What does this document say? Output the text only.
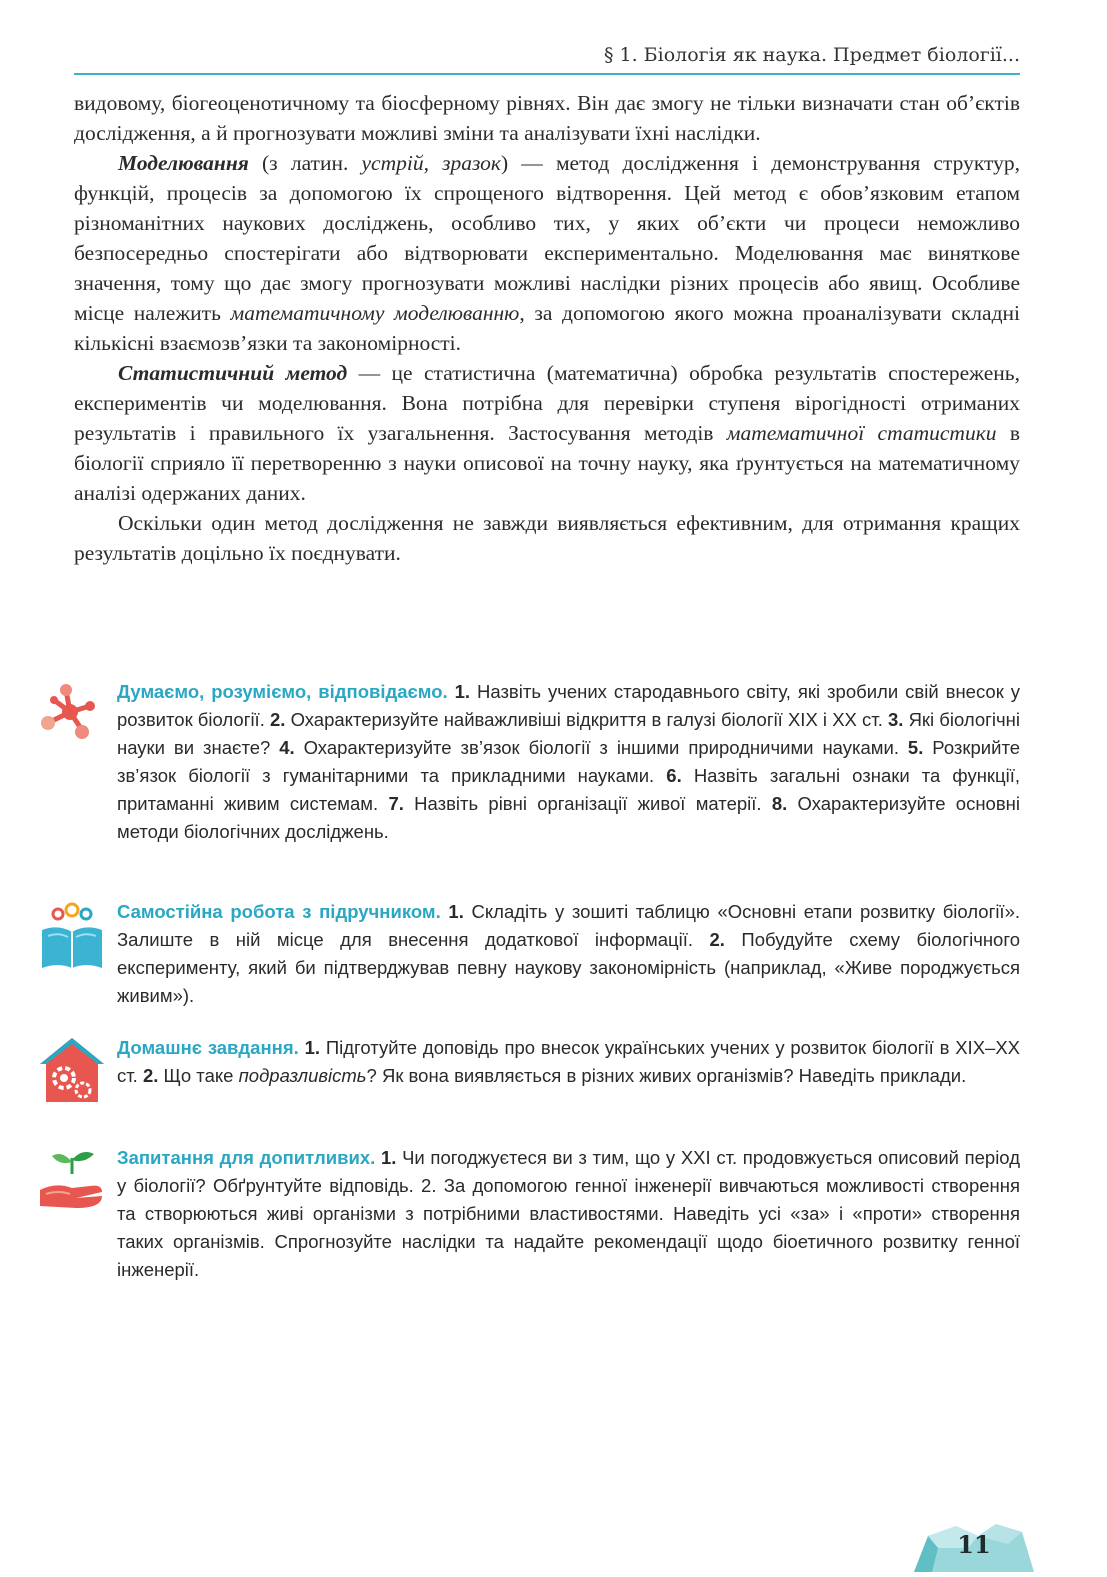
§ 1. Біологія як наука. Предмет біології...

видовому, біогеоценотичному та біосферному рівнях. Він дає змогу не тільки визначати стан об’єктів дослідження, а й прогнозувати можливі зміни та аналізувати їхні наслідки.

Моделювання (з латин. устрій, зразок) — метод дослідження і демонстрування структур, функцій, процесів за допомогою їх спрощеного відтворення. Цей метод є обов’язковим етапом різноманітних наукових досліджень, особливо тих, у яких об’єкти чи процеси неможливо безпосередньо спостерігати або відтворювати експериментально. Моделювання має виняткове значення, тому що дає змогу прогнозувати можливі наслідки різних процесів або явищ. Особливе місце належить математичному моделюванню, за допомогою якого можна проаналізувати складні кількісні взаємозв’язки та закономірності.

Статистичний метод — це статистична (математична) обробка результатів спостережень, експериментів чи моделювання. Вона потрібна для перевірки ступеня вірогідності отриманих результатів і правильного їх узагальнення. Застосування методів математичної статистики в біології сприяло її перетворенню з науки описової на точну науку, яка ґрунтується на математичному аналізі одержаних даних.

Оскільки один метод дослідження не завжди виявляється ефективним, для отримання кращих результатів доцільно їх поєднувати.

Думаємо, розуміємо, відповідаємо. 1. Назвіть учених стародавнього світу, які зробили свій внесок у розвиток біології. 2. Охарактеризуйте найважливіші відкриття в галузі біології XIX і XX ст. 3. Які біологічні науки ви знаєте? 4. Охарактеризуйте зв’язок біології з іншими природничими науками. 5. Розкрийте зв’язок біології з гуманітарними та прикладними науками. 6. Назвіть загальні ознаки та функції, притаманні живим системам. 7. Назвіть рівні організації живої матерії. 8. Охарактеризуйте основні методи біологічних досліджень.
Самостійна робота з підручником. 1. Складіть у зошиті таблицю «Основні етапи розвитку біології». Залиште в ній місце для внесення додаткової інформації. 2. Побудуйте схему біологічного експерименту, який би підтверджував певну наукову закономірність (наприклад, «Живе породжується живим»).
Домашнє завдання. 1. Підготуйте доповідь про внесок українських учених у розвиток біології в XIX–XX ст. 2. Що таке подразливість? Як вона виявляється в різних живих організмів? Наведіть приклади.
Запитання для допитливих. 1. Чи погоджуєтеся ви з тим, що у XXI ст. продовжується описовий період у біології? Обґрунтуйте відповідь. 2. За допомогою генної інженерії вивчаються можливості створення та створюються живі організми з потрібними властивостями. Наведіть усі «за» і «проти» створення таких організмів. Спрогнозуйте наслідки та надайте рекомендації щодо біоетичного розвитку генної інженерії.
11
